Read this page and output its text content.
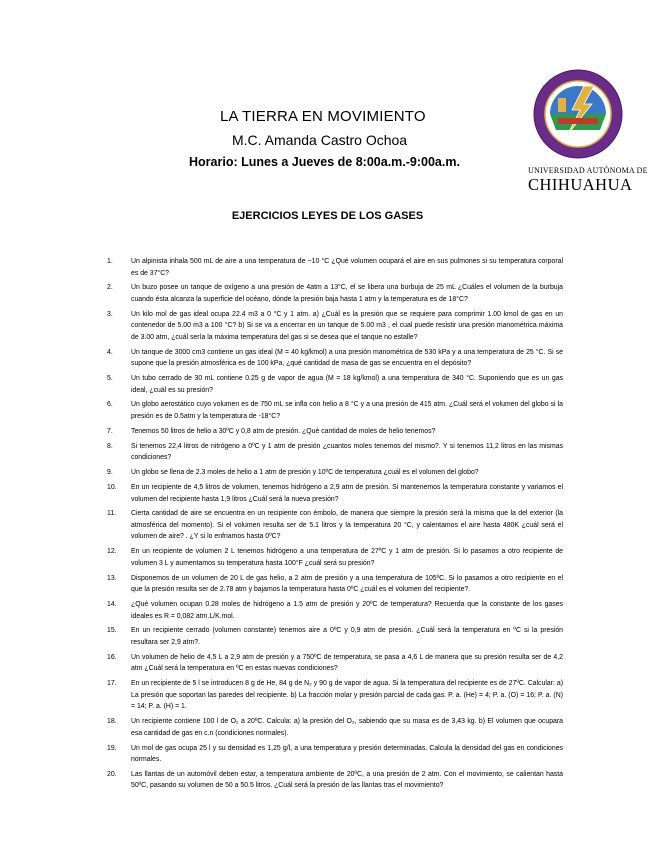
LA TIERRA EN MOVIMIENTO
M.C. Amanda Castro Ochoa
Horario: Lunes a Jueves de 8:00a.m.-9:00a.m.
UNIVERSIDAD AUTÓNOMA DE
CHIHUAHUA
EJERCICIOS LEYES DE LOS GASES
1.	Un alpinista inhala 500 mL de aire a una temperatura de −10 °C ¿Qué volumen ocupará el aire en sus pulmones si su temperatura corporal es de 37°C?
2.	Un buzo posee un tanque de oxígeno a una presión de 4atm a 13°C, el se libera una burbuja de 25 mL ¿Cuáles el volumen de la burbuja cuando ésta alcanza la superficie del océano, dónde la presión baja hasta 1 atm y la temperatura es de 18°C?
3.	Un kilo mol de gas ideal ocupa 22.4 m3 a 0 °C y 1 atm. a) ¿Cuál es la presión que se requiere para comprimir 1.00 kmol de gas en un contenedor de 5.00 m3 a 100 °C? b) Si se va a encerrar en un tanque de 5.00 m3 , el cual puede resistir una presión manométrica máxima de 3.00 atm, ¿cuál sería la máxima temperatura del gas si se desea que el tanque no estalle?
4.	Un tanque de 3000 cm3 contiene un gas ideal (M = 40 kg/kmol) a una presión manométrica de 530 kPa y a una temperatura de 25 °C. Si se supone que la presión atmosférica es de 100 kPa, ¿qué cantidad de masa de gas se encuentra en el depósito?
5.	Un tubo cerrado de 30 mL contiene 0.25 g de vapor de agua (M = 18 kg/kmol) a una temperatura de 340 °C. Suponiendo que es un gas ideal, ¿cuál es su presión?
6.	Un globo aerostático cuyo volumen es de 750 mL se infla con helio a 8 °C y a una presión de 415 atm. ¿Cuál será el volumen del globo si la presión es de 0.5atm y la temperatura de -18°C?
7.	Tenemos 50 litros de helio a 30ºC y 0,8 atm de presión. ¿Qué cantidad de moles de helio tenemos?
8.	Si tenemos 22,4 litros de nitrógeno a 0ºC y 1 atm de presión ¿cuantos moles tenemos del mismo?. Y si tenemos 11,2 litros en las mismas condiciones?
9.	Un globo se llena de 2.3 moles de helio a 1 atm de presión y 10ºC de temperatura ¿cuál es el volumen del globo?
10. En un recipiente de 4,5 litros de volumen, tenemos hidrógeno a 2,9 atm de presión. Si mantenemos la temperatura constante y variamos el volumen del recipiente hasta 1,9 litros ¿Cuál será la nueva presión?
11. Cierta cantidad de aire se encuentra en un recipiente con émbolo, de manera que siempre la presión será la misma que la del exterior (la atmosférica del momento). Si el volumen resulta ser de 5.1 litros y la temperatura 20 °C, y calentamos el aire hasta 480K ¿cuál será el volumen de aire? . ¿Y si lo enfriamos hasta 0ºC?
12. En un recipiente de volumen 2 L tenemos hidrógeno a una temperatura de 27ºC y 1 atm de presión. Si lo pasamos a otro recipiente de volumen 3 L y aumentamos su temperatura hasta 100°F ¿cuál será su presión?
13. Disponemos de un volumen de 20 L de gas helio, a 2 atm de presión y a una temperatura de 105ºC. Si lo pasamos a otro recipiente en el que la presión resulta ser de 2.78 atm y bajamos la temperatura hasta 0ºC ¿cuál es el volumen del recipiente?.
14. ¿Qué volumen ocupan 0.28 moles de hidrógeno a 1.5 atm de presión y 20ºC de temperatura? Recuerda que la constante de los gases ideales es R = 0,082 atm.L/K.mol.
15. En un recipiente cerrado (volumen constante) tenemos aire a 0ºC y 0,9 atm de presión. ¿Cuál será la temperatura en ºC si la presión resultara ser 2,9 atm?.
16. Un volumen de helio de 4,5 L a 2,9 atm de presión y a 750ºC de temperatura, se pasa a 4,6 L de manera que su presión resulta ser de 4,2 atm ¿Cuál será la temperatura en ºC en estas nuevas condiciones?
17. En un recipiente de 5 l se introducen 8 g de He, 84 g de N₂ y 90 g de vapor de agua. Si la temperatura del recipiente es de 27ºC. Calcular: a) La presión que soportan las paredes del recipiente. b) La fracción molar y presión parcial de cada gas. P. a. (He) = 4; P. a. (O) = 16; P. a. (N) = 14; P. a. (H) = 1.
18. Un recipiente contiene 100 l de O₂ a 20ºC. Calcula: a) la presión del O₂, sabiendo que su masa es de 3,43 kg. b) El volumen que ocupara esa cantidad de gas en c.n (condiciones normales).
19. Un mol de gas ocupa 25 l y su densidad es 1,25 g/l, a una temperatura y presión determinadas. Calcula la densidad del gas en condiciones normales.
20. Las llantas de un automóvil deben estar, a temperatura ambiente de 20ºC, a una presión de 2 atm. Con el movimiento, se calientan hasta 50ºC, pasando su volumen de 50 a 50.5 litros. ¿Cuál será la presión de las llantas tras el movimiento?
